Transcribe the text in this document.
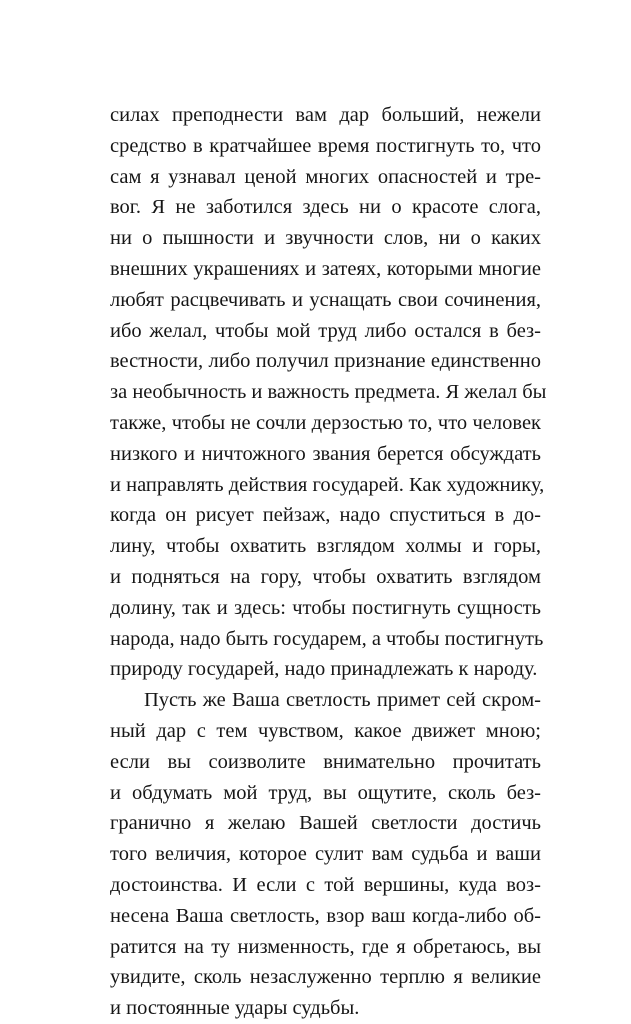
силах преподнести вам дар больший, нежели
средство в кратчайшее время постигнуть то, что
сам я узнавал ценой многих опасностей и тре-
вог. Я не заботился здесь ни о красоте слога,
ни о пышности и звучности слов, ни о каких
внешних украшениях и затеях, которыми многие
любят расцвечивать и уснащать свои сочинения,
ибо желал, чтобы мой труд либо остался в без-
вестности, либо получил признание единственно
за необычность и важность предмета. Я желал бы
также, чтобы не сочли дерзостью то, что человек
низкого и ничтожного звания берется обсуждать
и направлять действия государей. Как художнику,
когда он рисует пейзаж, надо спуститься в до-
лину, чтобы охватить взглядом холмы и горы,
и подняться на гору, чтобы охватить взглядом
долину, так и здесь: чтобы постигнуть сущность
народа, надо быть государем, а чтобы постигнуть
природу государей, надо принадлежать к народу.
Пусть же Ваша светлость примет сей скром-
ный дар с тем чувством, какое движет мною;
если вы соизволите внимательно прочитать
и обдумать мой труд, вы ощутите, сколь без-
гранично я желаю Вашей светлости достичь
того величия, которое сулит вам судьба и ваши
достоинства. И если с той вершины, куда воз-
несена Ваша светлость, взор ваш когда-либо об-
ратится на ту низменность, где я обретаюсь, вы
увидите, сколь незаслуженно терплю я великие
и постоянные удары судьбы.
